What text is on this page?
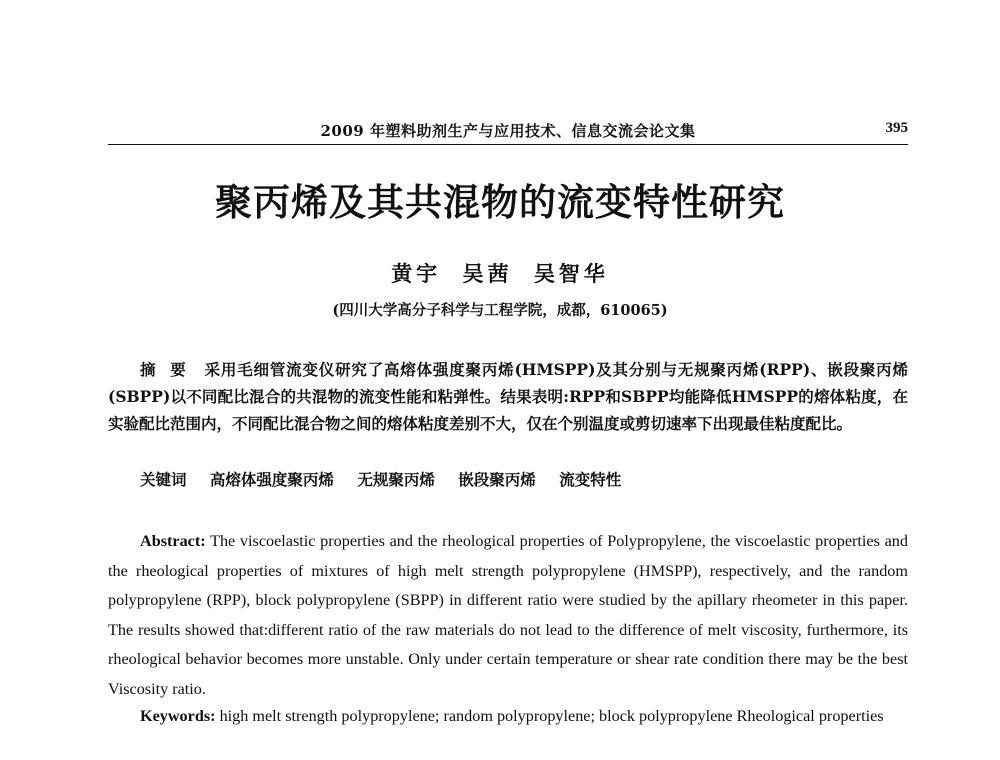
2009 年塑料助剂生产与应用技术、信息交流会论文集	395
聚丙烯及其共混物的流变特性研究
黄宇 吴茜 吴智华
(四川大学高分子科学与工程学院，成都，610065)

摘要 采用毛细管流变仪研究了高熔体强度聚丙烯(HMSPP)及其分别与无规聚丙烯(RPP)、嵌段聚丙烯(SBPP)以不同配比混合的共混物的流变性能和粘弹性。结果表明:RPP和SBPP均能降低HMSPP的熔体粘度，在实验配比范围内，不同配比混合物之间的熔体粘度差别不大，仅在个别温度或剪切速率下出现最佳粘度配比。

关键词 高熔体强度聚丙烯 无规聚丙烯 嵌段聚丙烯 流变特性

Abstract: The viscoelastic properties and the rheological properties of Polypropylene, the viscoelastic properties and the rheological properties of mixtures of high melt strength polypropylene (HMSPP), respectively, and the random polypropylene (RPP), block polypropylene (SBPP) in different ratio were studied by the apillary rheometer in this paper. The results showed that:different ratio of the raw materials do not lead to the difference of melt viscosity, furthermore, its rheological behavior becomes more unstable. Only under certain temperature or shear rate condition there may be the best Viscosity ratio.

Keywords: high melt strength polypropylene; random polypropylene; block polypropylene Rheological properties
